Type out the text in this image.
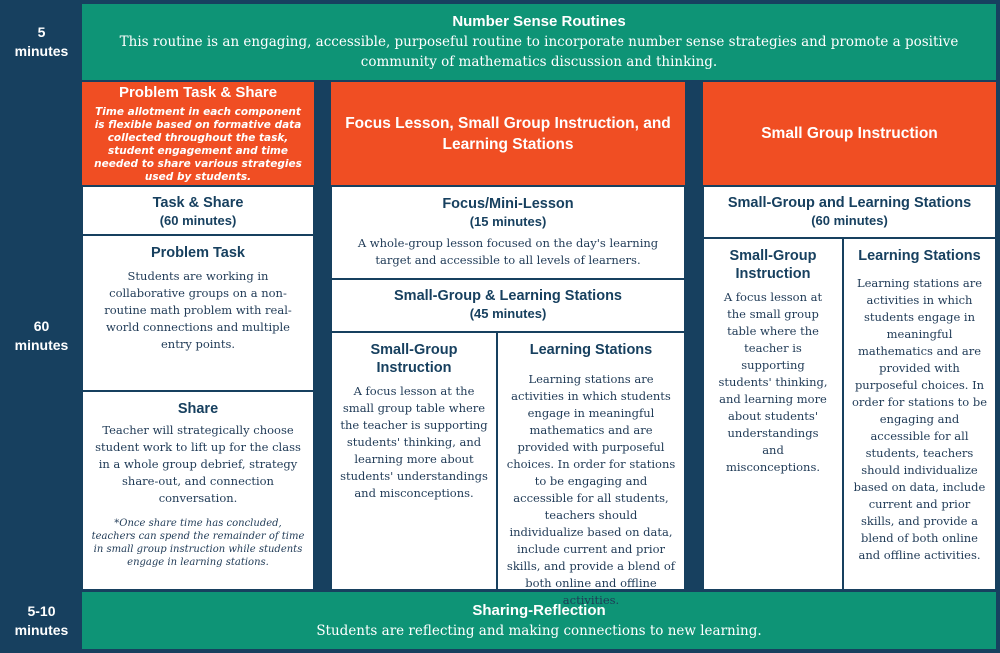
5
minutes
60
minutes
5-10
minutes
Number Sense Routines
This routine is an engaging, accessible, purposeful routine to incorporate number sense strategies and promote a positive community of mathematics discussion and thinking.
Sharing-Reflection
Students are reflecting and making connections to new learning.
Problem Task & Share
Time allotment in each component is flexible based on formative data collected throughout the task, student engagement and time needed to share various strategies used by students.
Task & Share
(60 minutes)
Problem Task
Students are working in collaborative groups on a non-routine math problem with real-world connections and multiple entry points.
Share
Teacher will strategically choose student work to lift up for the class in a whole group debrief, strategy share-out, and connection conversation.
*Once share time has concluded, teachers can spend the remainder of time in small group instruction while students engage in learning stations.
Focus Lesson, Small Group Instruction, and Learning Stations
Focus/Mini-Lesson
(15 minutes)
A whole-group lesson focused on the day's learning target and accessible to all levels of learners.
Small-Group & Learning Stations
(45 minutes)
Small-Group Instruction
A focus lesson at the small group table where the teacher is supporting students' thinking, and learning more about students' understandings and misconceptions.
Learning Stations
Learning stations are activities in which students engage in meaningful mathematics and are provided with purposeful choices. In order for stations to be engaging and accessible for all students, teachers should individualize based on data, include current and prior skills, and provide a blend of both online and offline activities.
Small Group Instruction
Small-Group and Learning Stations
(60 minutes)
Small-Group Instruction
A focus lesson at the small group table where the teacher is supporting students' thinking, and learning more about students' understandings and misconceptions.
Learning Stations
Learning stations are activities in which students engage in meaningful mathematics and are provided with purposeful choices. In order for stations to be engaging and accessible for all students, teachers should individualize based on data, include current and prior skills, and provide a blend of both online and offline activities.
